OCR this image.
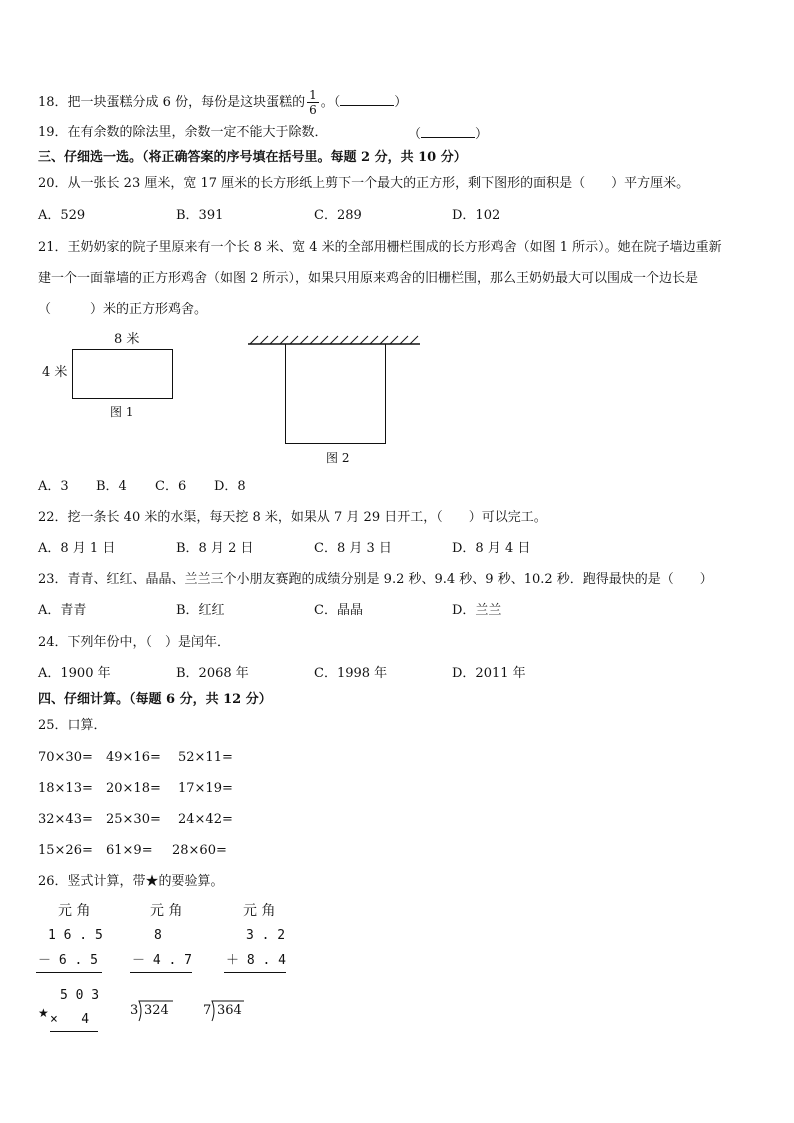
18．把一块蛋糕分成 6 份，每份是这块蛋糕的 $\frac{1}{6}$ 。（	）
19．在有余数的除法里，余数一定不能大于除数．	（	）
三、仔细选一选。（将正确答案的序号填在括号里。每题 2 分，共 10 分）
20．从一张长 23 厘米，宽 17 厘米的长方形纸上剪下一个最大的正方形，剩下图形的面积是（　　）平方厘米。
A．529	B．391	C．289	D．102
21．王奶奶家的院子里原来有一个长 8 米、宽 4 米的全部用栅栏围成的长方形鸡舍（如图 1 所示）。她在院子墙边重新
建一个一面靠墙的正方形鸡舍（如图 2 所示），如果只用原来鸡舍的旧栅栏围，那么王奶奶最大可以围成一个边长是
（　　　）米的正方形鸡舍。
8 米
4 米
图 1
图 2
A．3 B．4 C．6 D．8
22．挖一条长 40 米的水渠，每天挖 8 米，如果从 7 月 29 日开工，（　　）可以完工。
A．8 月 1 日	B．8 月 2 日	C．8 月 3 日	D．8 月 4 日
23．青青、红红、晶晶、兰兰三个小朋友赛跑的成绩分别是 9.2 秒、9.4 秒、9 秒、10.2 秒．跑得最快的是（　　）
A．青青	B．红红	C．晶晶	D．兰兰
24．下列年份中，（　）是闰年．
A．1900 年	B．2068 年	C．1998 年	D．2011 年
四、仔细计算。（每题 6 分，共 12 分）
25．口算．
70×30= 49×16= 52×11=
18×13= 20×18= 17×19=
32×43= 25×30= 24×42=
15×26= 61×9= 28×60=
26．竖式计算，带★的要验算。
元 角
1 6 . 5
－ 6 . 5
元 角
8
－ 4 . 7
元 角
3 . 2
＋ 8 . 4
★
5 0 3
×   4
3 324	7 364
